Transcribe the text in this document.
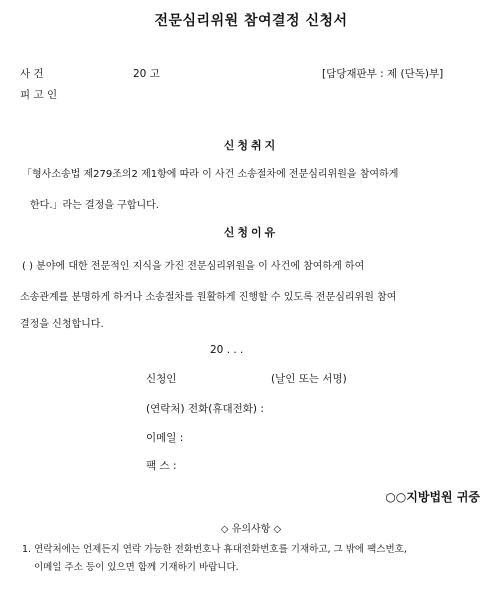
전문심리위원 참여결정 신청서
사 건	20 고	[담당재판부 : 제 (단독)부]
피 고 인
신청취지
「형사소송법 제279조의2 제1항에 따라 이 사건 소송절차에 전문심리위원을 참여하게
한다.」라는 결정을 구합니다.
신청이유
( ) 분야에 대한 전문적인 지식을 가진 전문심리위원을 이 사건에 참여하게 하여
소송관계를 분명하게 하거나 소송절차를 원활하게 진행할 수 있도록 전문심리위원 참여
결정을 신청합니다.
20 . . .
신청인	(날인 또는 서명)
(연락처) 전화(휴대전화) :
이메일 :
팩 스 :
○○지방법원 귀중
◇ 유의사항 ◇
1. 연락처에는 언제든지 연락 가능한 전화번호나 휴대전화번호를 기재하고, 그 밖에 팩스번호,
이메일 주소 등이 있으면 함께 기재하기 바랍니다.
